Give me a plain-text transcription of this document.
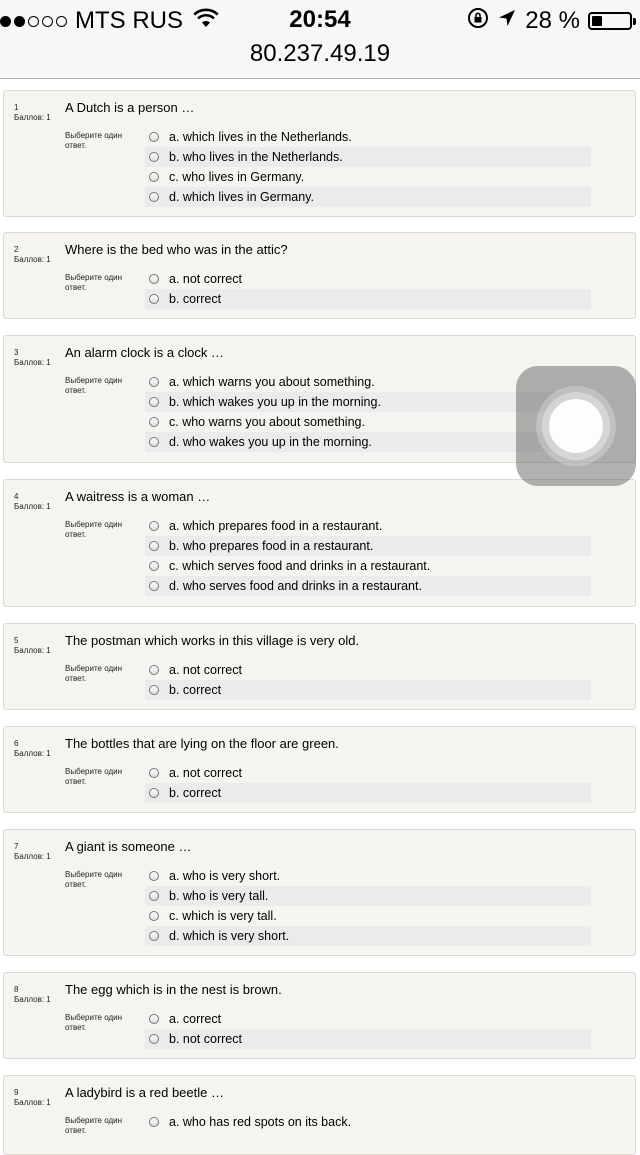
MTS RUS	20:54	28 %
80.237.49.19
1
Баллов: 1
A Dutch is a person …
Выберите один ответ.
a. which lives in the Netherlands.
b. who lives in the Netherlands.
c. who lives in Germany.
d. which lives in Germany.
2
Баллов: 1
Where is the bed who was in the attic?
Выберите один ответ.
a. not correct
b. correct
3
Баллов: 1
An alarm clock is a clock …
Выберите один ответ.
a. which warns you about something.
b. which wakes you up in the morning.
c. who warns you about something.
d. who wakes you up in the morning.
4
Баллов: 1
A waitress is a woman …
Выберите один ответ.
a. which prepares food in a restaurant.
b. who prepares food in a restaurant.
c. which serves food and drinks in a restaurant.
d. who serves food and drinks in a restaurant.
5
Баллов: 1
The postman which works in this village is very old.
Выберите один ответ.
a. not correct
b. correct
6
Баллов: 1
The bottles that are lying on the floor are green.
Выберите один ответ.
a. not correct
b. correct
7
Баллов: 1
A giant is someone …
Выберите один ответ.
a. who is very short.
b. who is very tall.
c. which is very tall.
d. which is very short.
8
Баллов: 1
The egg which is in the nest is brown.
Выберите один ответ.
a. correct
b. not correct
9
Баллов: 1
A ladybird is a red beetle …
Выберите один ответ.
a. who has red spots on its back.
